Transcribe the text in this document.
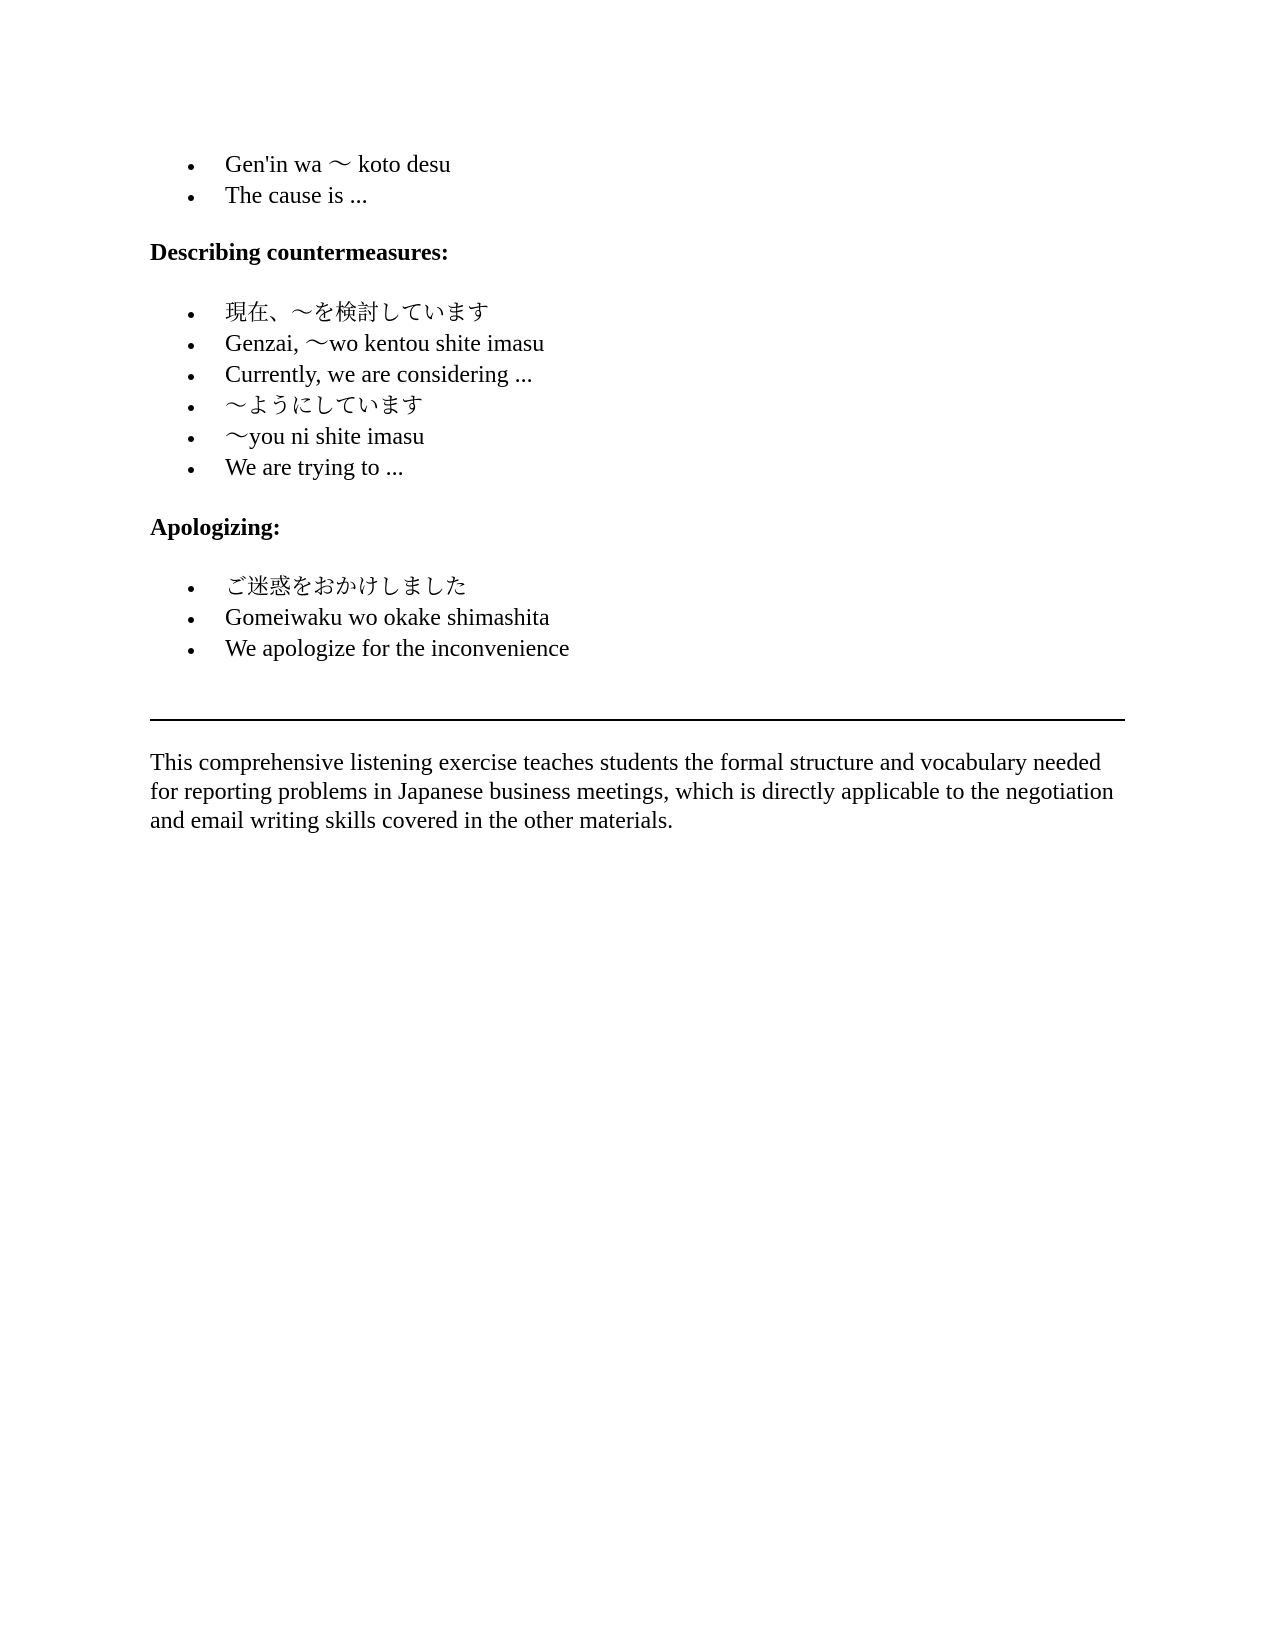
Gen'in wa 〜 koto desu
The cause is ...
Describing countermeasures:
現在、〜を検討しています
Genzai, 〜wo kentou shite imasu
Currently, we are considering ...
〜ようにしています
〜you ni shite imasu
We are trying to ...
Apologizing:
ご迷惑をおかけしました
Gomeiwaku wo okake shimashita
We apologize for the inconvenience

This comprehensive listening exercise teaches students the formal structure and vocabulary needed for reporting problems in Japanese business meetings, which is directly applicable to the negotiation and email writing skills covered in the other materials.
